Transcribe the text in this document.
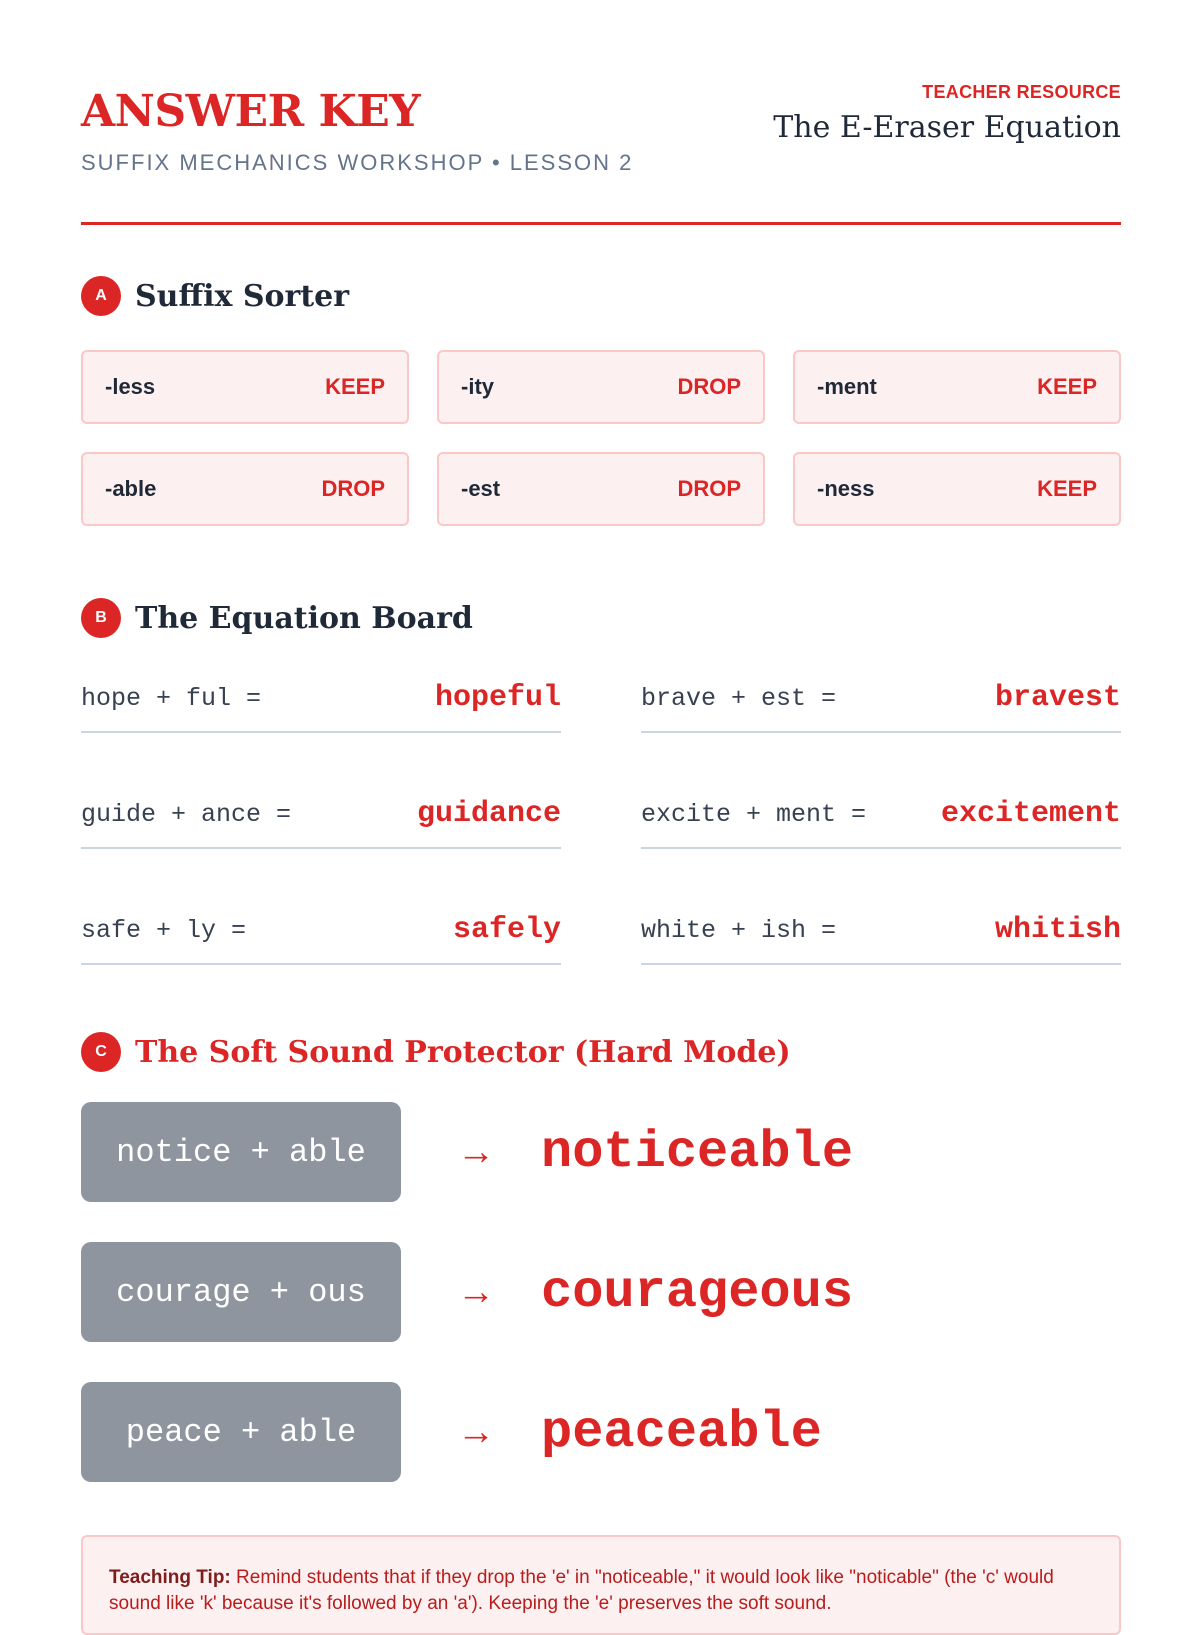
ANSWER KEY
SUFFIX MECHANICS WORKSHOP • LESSON 2
TEACHER RESOURCE
The E-Eraser Equation
A Suffix Sorter
-less	KEEP	-ity	DROP	-ment	KEEP
-able	DROP	-est	DROP	-ness	KEEP
B The Equation Board
hope + ful =	hopeful	brave + est =	bravest
guide + ance =	guidance	excite + ment = excitement
safe + ly =	safely	white + ish =	whitish
C The Soft Sound Protector (Hard Mode)
notice + able	→ noticeable
courage + ous	→ courageous
peace + able	→ peaceable
Teaching Tip: Remind students that if they drop the 'e' in "noticeable," it would look like "noticable" (the 'c' would sound like 'k' because it's followed by an 'a'). Keeping the 'e' preserves the soft sound.
